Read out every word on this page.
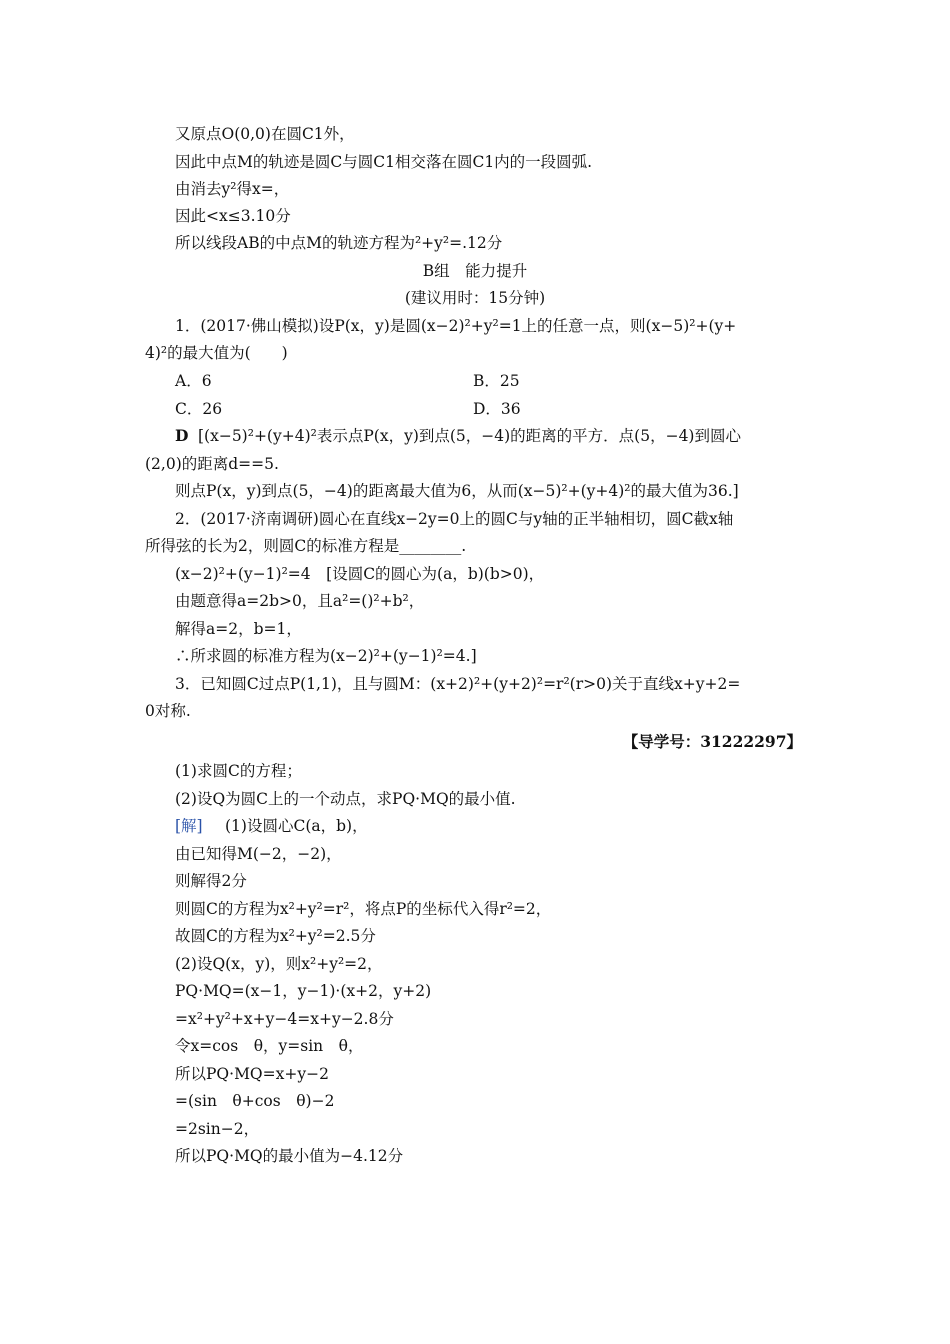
又原点O(0,0)在圆C1外，
因此中点M的轨迹是圆C与圆C1相交落在圆C1内的一段圆弧.
由消去y²得x=，
因此<x≤3.10分
所以线段AB的中点M的轨迹方程为²+y²=.12分
B组　能力提升
(建议用时：15分钟)
1．(2017·佛山模拟)设P(x，y)是圆(x−2)²+y²=1上的任意一点，则(x−5)²+(y+
4)²的最大值为(　　)
A．6	B．25
C．26	D．36
D [(x−5)²+(y+4)²表示点P(x，y)到点(5，−4)的距离的平方．点(5，−4)到圆心
(2,0)的距离d==5.
则点P(x，y)到点(5，−4)的距离最大值为6，从而(x−5)²+(y+4)²的最大值为36.]
2．(2017·济南调研)圆心在直线x−2y=0上的圆C与y轴的正半轴相切，圆C截x轴
所得弦的长为2，则圆C的标准方程是________.
(x−2)²+(y−1)²=4　[设圆C的圆心为(a，b)(b>0)，
由题意得a=2b>0，且a²=()²+b²，
解得a=2，b=1，
∴所求圆的标准方程为(x−2)²+(y−1)²=4.]
3．已知圆C过点P(1,1)，且与圆M：(x+2)²+(y+2)²=r²(r>0)关于直线x+y+2=
0对称.
【导学号：31222297】
(1)求圆C的方程；
(2)设Q为圆C上的一个动点，求PQ·MQ的最小值.
[解] (1)设圆心C(a，b)，
由已知得M(−2，−2)，
则解得2分
则圆C的方程为x²+y²=r²，将点P的坐标代入得r²=2，
故圆C的方程为x²+y²=2.5分
(2)设Q(x，y)，则x²+y²=2，
PQ·MQ=(x−1，y−1)·(x+2，y+2)
=x²+y²+x+y−4=x+y−2.8分
令x=cos　θ，y=sin　θ，
所以PQ·MQ=x+y−2
=(sin　θ+cos　θ)−2
=2sin−2，
所以PQ·MQ的最小值为−4.12分
